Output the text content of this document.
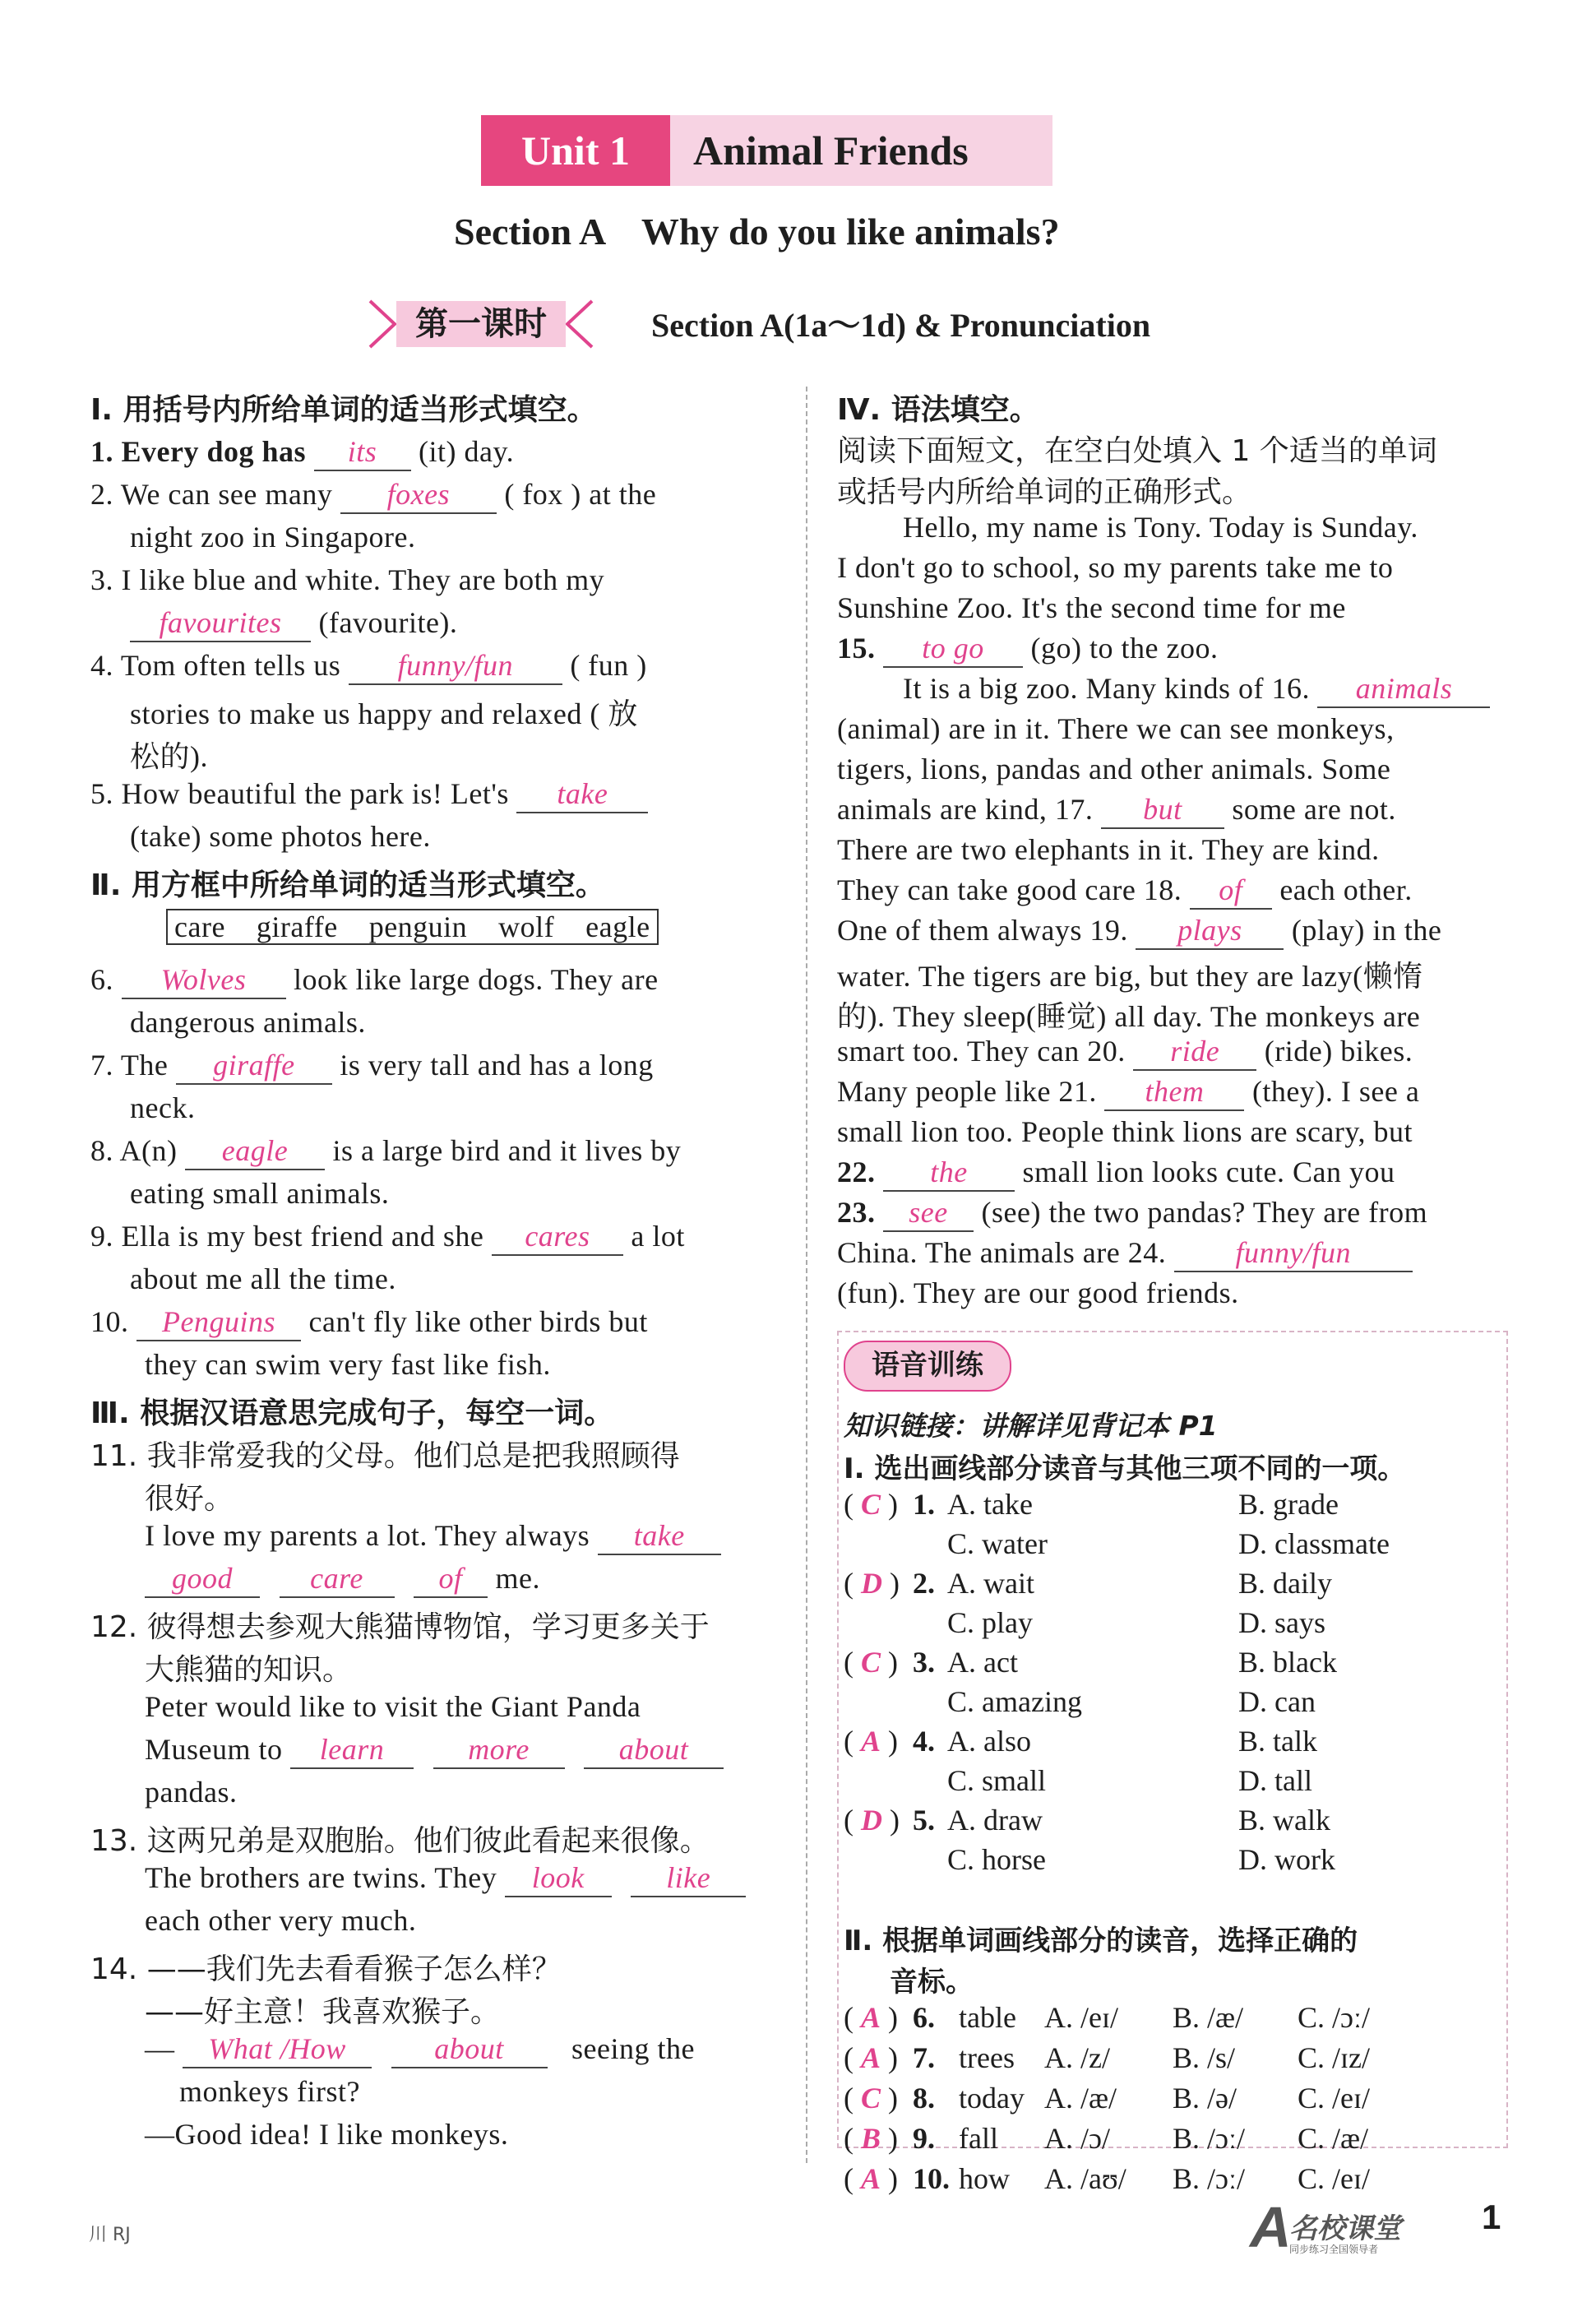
Unit 1	Animal Friends
Section A    Why do you like animals?
第一课时	Section A(1a～1d) & Pronunciation
Ⅰ. 用括号内所给单词的适当形式填空。
1. Every dog has its (it) day.
2. We can see many foxes ( fox ) at the
night zoo in Singapore.
3. I like blue and white. They are both my
favourites (favourite).
4. Tom often tells us funny/fun ( fun )
stories to make us happy and relaxed ( 放
松的).
5. How beautiful the park is! Let's take
(take) some photos here.
Ⅱ. 用方框中所给单词的适当形式填空。
care    giraffe    penguin    wolf    eagle
6. Wolves look like large dogs. They are
dangerous animals.
7. The giraffe is very tall and has a long
neck.
8. A(n) eagle is a large bird and it lives by
eating small animals.
9. Ella is my best friend and she cares a lot
about me all the time.
10. Penguins can't fly like other birds but
they can swim very fast like fish.
Ⅲ. 根据汉语意思完成句子，每空一词。
11. 我非常爱我的父母。他们总是把我照顾得
很好。
I love my parents a lot. They always take
good	care	of me.
12. 彼得想去参观大熊猫博物馆，学习更多关于
大熊猫的知识。
Peter would like to visit the Giant Panda
Museum to learn	more	about
pandas.
13. 这两兄弟是双胞胎。他们彼此看起来很像。
The brothers are twins. They look	like
each other very much.
14. ——我们先去看看猴子怎么样？
——好主意！我喜欢猴子。
— What /How	about seeing the
monkeys first?
—Good idea! I like monkeys.
Ⅳ. 语法填空。
阅读下面短文，在空白处填入 1 个适当的单词
或括号内所给单词的正确形式。
Hello, my name is Tony. Today is Sunday.
I don't go to school, so my parents take me to
Sunshine Zoo. It's the second time for me
15. to go (go) to the zoo.
It is a big zoo. Many kinds of 16. animals
(animal) are in it. There we can see monkeys,
tigers, lions, pandas and other animals. Some
animals are kind, 17. but some are not.
There are two elephants in it. They are kind.
They can take good care 18. of each other.
One of them always 19. plays (play) in the
water. The tigers are big, but they are lazy(懒惰
的). They sleep(睡觉) all day. The monkeys are
smart too. They can 20. ride (ride) bikes.
Many people like 21. them (they). I see a
small lion too. People think lions are scary, but
22. the small lion looks cute. Can you
23. see (see) the two pandas? They are from
China. The animals are 24. funny/fun
(fun). They are our good friends.
语音训练
知识链接：讲解详见背记本 P1
Ⅰ. 选出画线部分读音与其他三项不同的一项。
( C ) 1. A. take	B. grade
C. water	D. classmate
( D ) 2. A. wait	B. daily
C. play	D. says
( C ) 3. A. act	B. black
C. amazing	D. can
( A ) 4. A. also	B. talk
C. small	D. tall
( D ) 5. A. draw	B. walk
C. horse	D. work
Ⅱ. 根据单词画线部分的读音，选择正确的
音标。
( A ) 6. table A. /eɪ/ B. /æ/ C. /ɔː/
( A ) 7. trees A. /z/ B. /s/ C. /ɪz/
( C ) 8. today A. /æ/ B. /ə/ C. /eɪ/
( B ) 9. fall A. /ɔ/ B. /ɔː/ C. /æ/
( A ) 10. how A. /aʊ/ B. /ɔː/ C. /eɪ/
川 RJ	A
名校课堂
同步练习全国领导者
1
